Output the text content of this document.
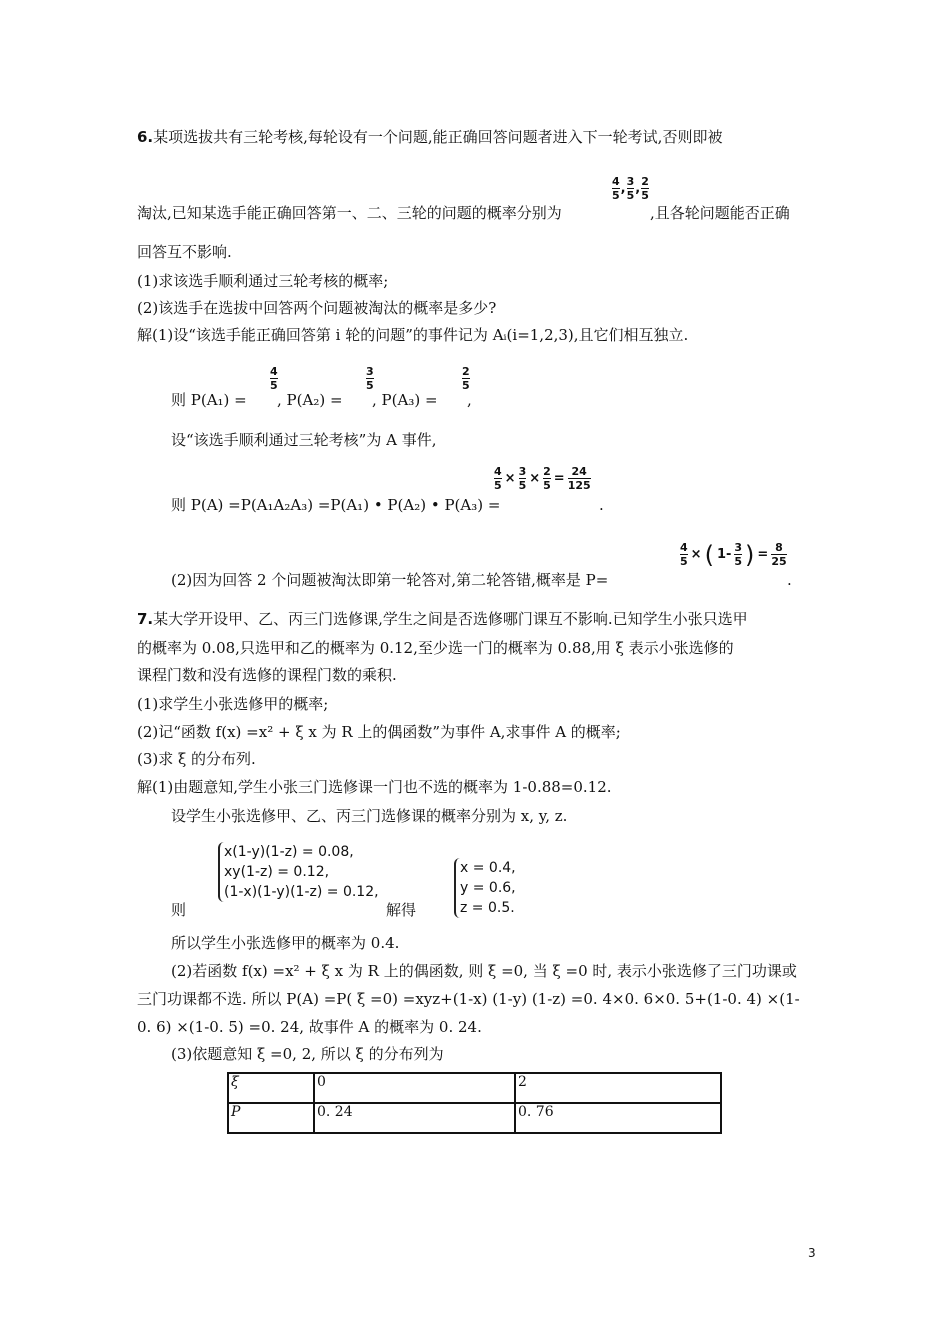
6.某项选拔共有三轮考核,每轮设有一个问题,能正确回答问题者进入下一轮考试,否则即被
淘汰,已知某选手能正确回答第一、二、三轮的问题的概率分别为
4
5 , 3
5 , 2
5
,且各轮问题能否正确
回答互不影响.
(1)求该选手顺利通过三轮考核的概率;
(2)该选手在选拔中回答两个问题被淘汰的概率是多少?
解(1)设“该选手能正确回答第 i 轮的问题”的事件记为 Aᵢ(i=1,2,3),且它们相互独立.
则 P(A₁) =
4
5
, P(A₂) =
3
5
, P(A₃) =
2
5
,
设“该选手顺利通过三轮考核”为 A 事件,
则 P(A) =P(A₁A₂A₃) =P(A₁) • P(A₂) • P(A₃) =
4
5 × 3
5 × 2
5 = 24
125
.
(2)因为回答 2 个问题被淘汰即第一轮答对,第二轮答错,概率是 P=
4
5 × ( 1- 3
5 ) = 8
25
.
7.某大学开设甲、乙、丙三门选修课,学生之间是否选修哪门课互不影响.已知学生小张只选甲
的概率为 0.08,只选甲和乙的概率为 0.12,至少选一门的概率为 0.88,用 ξ 表示小张选修的
课程门数和没有选修的课程门数的乘积.
(1)求学生小张选修甲的概率;
(2)记“函数 f(x) =x² + ξ x 为 R 上的偶函数”为事件 A,求事件 A 的概率;
(3)求 ξ 的分布列.
解(1)由题意知,学生小张三门选修课一门也不选的概率为 1-0.88=0.12.
设学生小张选修甲、乙、丙三门选修课的概率分别为 x, y, z.
则
x(1-y)(1-z) = 0.08,
xy(1-z) = 0.12,
(1-x)(1-y)(1-z) = 0.12,
解得
x = 0.4,
y = 0.6,
z = 0.5.
所以学生小张选修甲的概率为 0.4.
(2)若函数 f(x) =x² + ξ x 为 R 上的偶函数, 则 ξ =0, 当 ξ =0 时, 表示小张选修了三门功课或
三门功课都不选. 所以 P(A) =P( ξ =0) =xyz+(1-x) (1-y) (1-z) =0. 4×0. 6×0. 5+(1-0. 4) ×(1-
0. 6) ×(1-0. 5) =0. 24, 故事件 A 的概率为 0. 24.
(3)依题意知 ξ =0, 2, 所以 ξ 的分布列为
ξ	0	2
P	0. 24	0. 76
3
